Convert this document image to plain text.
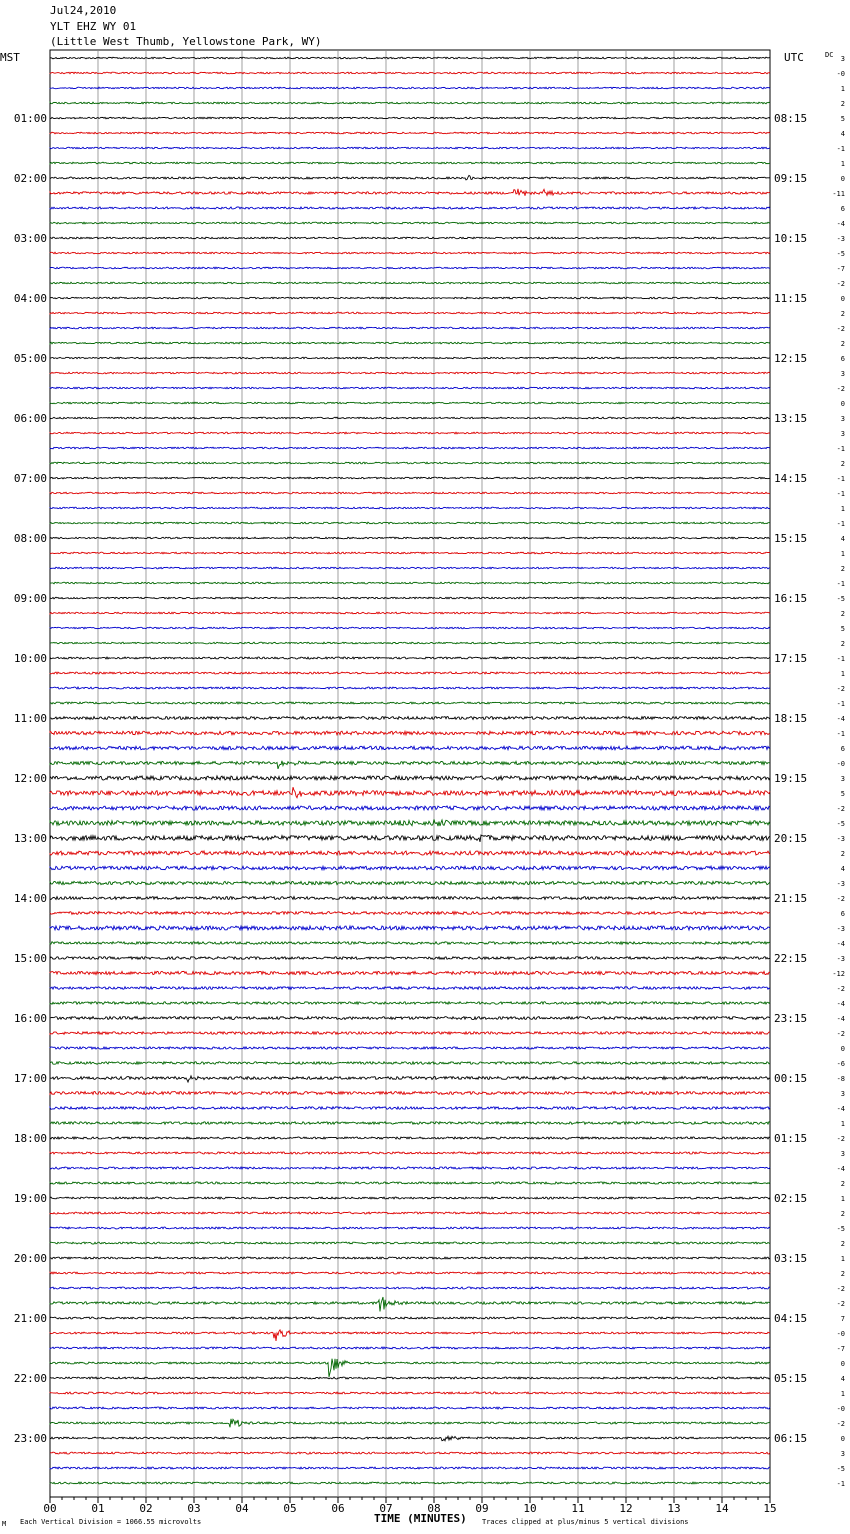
Jul24,2010
YLT EHZ WY 01
(Little West Thumb, Yellowstone Park, WY)
MST	UTC	DC
TIME (MINUTES)
Each Vertical Division = 1066.55 microvolts	Traces clipped at plus/minus 5 vertical divisions
M
01:00
02:00
03:00
04:00
05:00
06:00
07:00
08:00
09:00
10:00
11:00
12:00
13:00
14:00
15:00
16:00
17:00
18:00
19:00
20:00
21:00
22:00
23:00
08:15
09:15
10:15
11:15
12:15
13:15
14:15
15:15
16:15
17:15
18:15
19:15
20:15
21:15
22:15
23:15
00:15
01:15
02:15
03:15
04:15
05:15
06:15
3
-0
1
2
5
4
-1
1
0
-11
6
-4
-3
-5
-7
-2
0
2
-2
2
6
3
-2
0
3
3
-1
2
-1
-1
1
-1
4
1
2
-1
-5
2
5
2
-1
1
-2
-1
-4
-1
6
-0
3
5
-2
-5
-3
2
4
-3
-2
6
-3
-4
-3
-12
-2
-4
-4
-2
0
-6
-8
3
-4
1
-2
3
-4
2
1
2
-5
2
1
2
-2
-2
7
-0
-7
0
4
1
-0
-2
0
3
-5
-1
00	01	02	03	04	05	06	07	08	09	10	11	12	13	14	15
